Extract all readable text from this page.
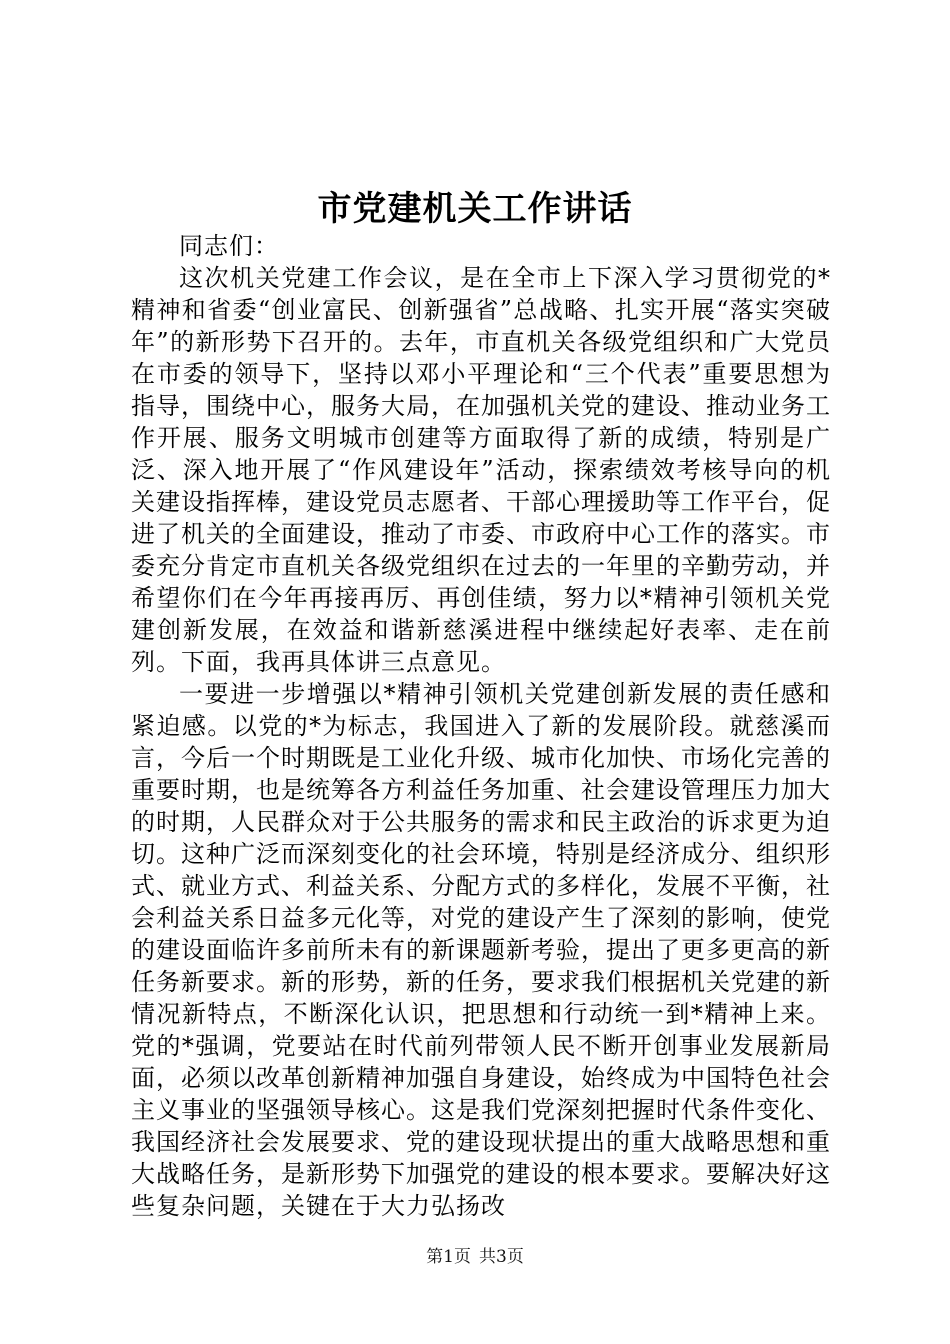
市党建机关工作讲话

同志们：

这次机关党建工作会议，是在全市上下深入学习贯彻党的*精神和省委“创业富民、创新强省”总战略、扎实开展“落实突破年”的新形势下召开的。去年，市直机关各级党组织和广大党员在市委的领导下，坚持以邓小平理论和“三个代表”重要思想为指导，围绕中心，服务大局，在加强机关党的建设、推动业务工作开展、服务文明城市创建等方面取得了新的成绩，特别是广泛、深入地开展了“作风建设年”活动，探索绩效考核导向的机关建设指挥棒，建设党员志愿者、干部心理援助等工作平台，促进了机关的全面建设，推动了市委、市政府中心工作的落实。市委充分肯定市直机关各级党组织在过去的一年里的辛勤劳动，并希望你们在今年再接再厉、再创佳绩，努力以*精神引领机关党建创新发展，在效益和谐新慈溪进程中继续起好表率、走在前列。下面，我再具体讲三点意见。

一要进一步增强以*精神引领机关党建创新发展的责任感和紧迫感。以党的*为标志，我国进入了新的发展阶段。就慈溪而言，今后一个时期既是工业化升级、城市化加快、市场化完善的重要时期，也是统筹各方利益任务加重、社会建设管理压力加大的时期，人民群众对于公共服务的需求和民主政治的诉求更为迫切。这种广泛而深刻变化的社会环境，特别是经济成分、组织形式、就业方式、利益关系、分配方式的多样化，发展不平衡，社会利益关系日益多元化等，对党的建设产生了深刻的影响，使党的建设面临许多前所未有的新课题新考验，提出了更多更高的新任务新要求。新的形势，新的任务，要求我们根据机关党建的新情况新特点，不断深化认识，把思想和行动统一到*精神上来。党的*强调，党要站在时代前列带领人民不断开创事业发展新局面，必须以改革创新精神加强自身建设，始终成为中国特色社会主义事业的坚强领导核心。这是我们党深刻把握时代条件变化、我国经济社会发展要求、党的建设现状提出的重大战略思想和重大战略任务，是新形势下加强党的建设的根本要求。要解决好这些复杂问题，关键在于大力弘扬改

第1页 共3页
